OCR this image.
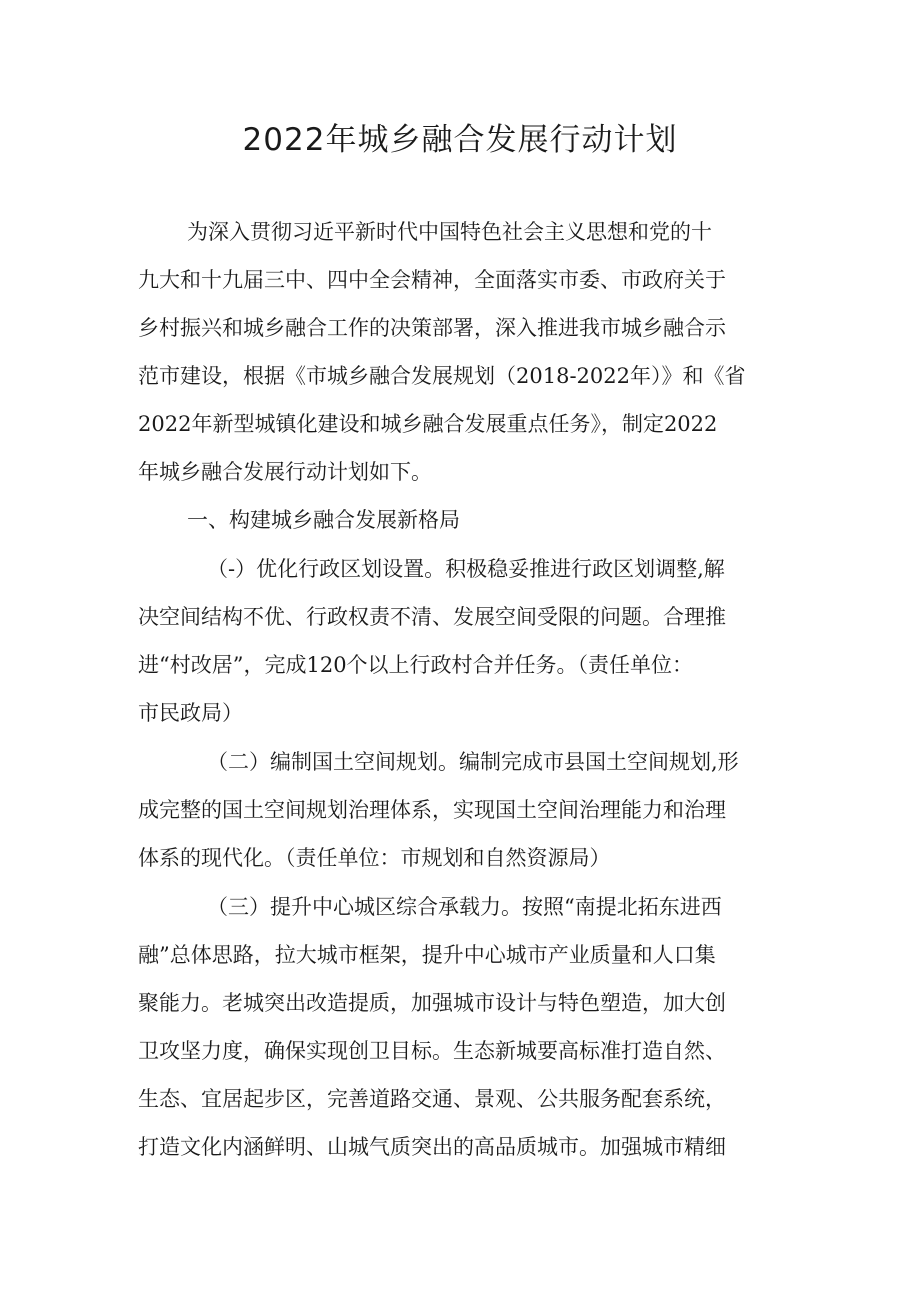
2022年城乡融合发展行动计划
为深入贯彻习近平新时代中国特色社会主义思想和党的十
九大和十九届三中、四中全会精神，全面落实市委、市政府关于
乡村振兴和城乡融合工作的决策部署，深入推进我市城乡融合示
范市建设，根据《市城乡融合发展规划（2018-2022年）》和《省
2022年新型城镇化建设和城乡融合发展重点任务》，制定2022
年城乡融合发展行动计划如下。
一、构建城乡融合发展新格局
（-）优化行政区划设置。积极稳妥推进行政区划调整,解
决空间结构不优、行政权责不清、发展空间受限的问题。合理推
进“村改居”，完成120个以上行政村合并任务。（责任单位：
市民政局）
（二）编制国土空间规划。编制完成市县国土空间规划,形
成完整的国土空间规划治理体系，实现国土空间治理能力和治理
体系的现代化。（责任单位：市规划和自然资源局）
（三）提升中心城区综合承载力。按照“南提北拓东进西
融”总体思路，拉大城市框架，提升中心城市产业质量和人口集
聚能力。老城突出改造提质，加强城市设计与特色塑造，加大创
卫攻坚力度，确保实现创卫目标。生态新城要高标准打造自然、
生态、宜居起步区，完善道路交通、景观、公共服务配套系统，
打造文化内涵鲜明、山城气质突出的高品质城市。加强城市精细
